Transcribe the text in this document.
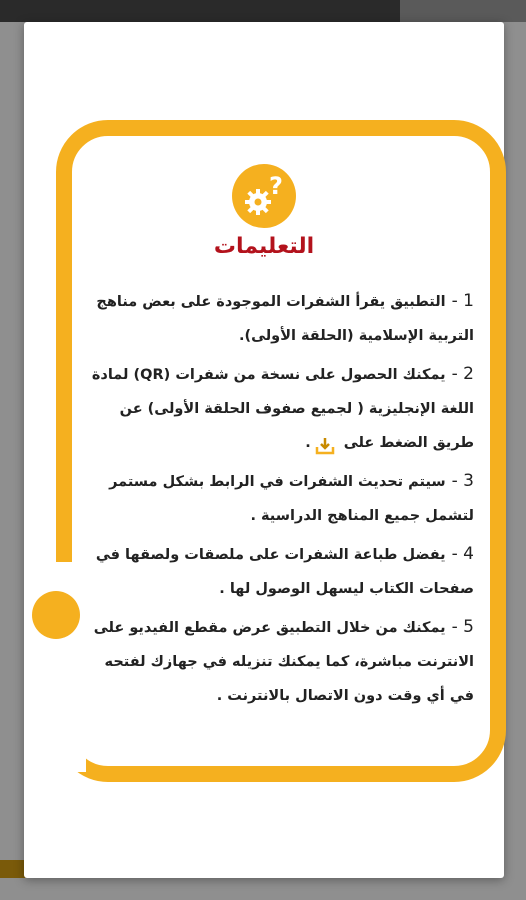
?
التعليمات
1 -التطبيق يقرأ الشفرات الموجودة على بعض مناهج التربية الإسلامية (الحلقة الأولى).
2 -يمكنك الحصول على نسخة من شفرات (QR) لمادة اللغة الإنجليزية ( لجميع صفوف الحلقة الأولى) عن طريق الضغط على .
3 -سيتم تحديث الشفرات في الرابط بشكل مستمر لتشمل جميع المناهج الدراسية .
4 -يفضل طباعة الشفرات على ملصقات ولصقها في صفحات الكتاب ليسهل الوصول لها .
5 -يمكنك من خلال التطبيق عرض مقطع الفيديو على الانترنت مباشرة، كما يمكنك تنزيله في جهازك لفتحه في أي وقت دون الاتصال بالانترنت .
